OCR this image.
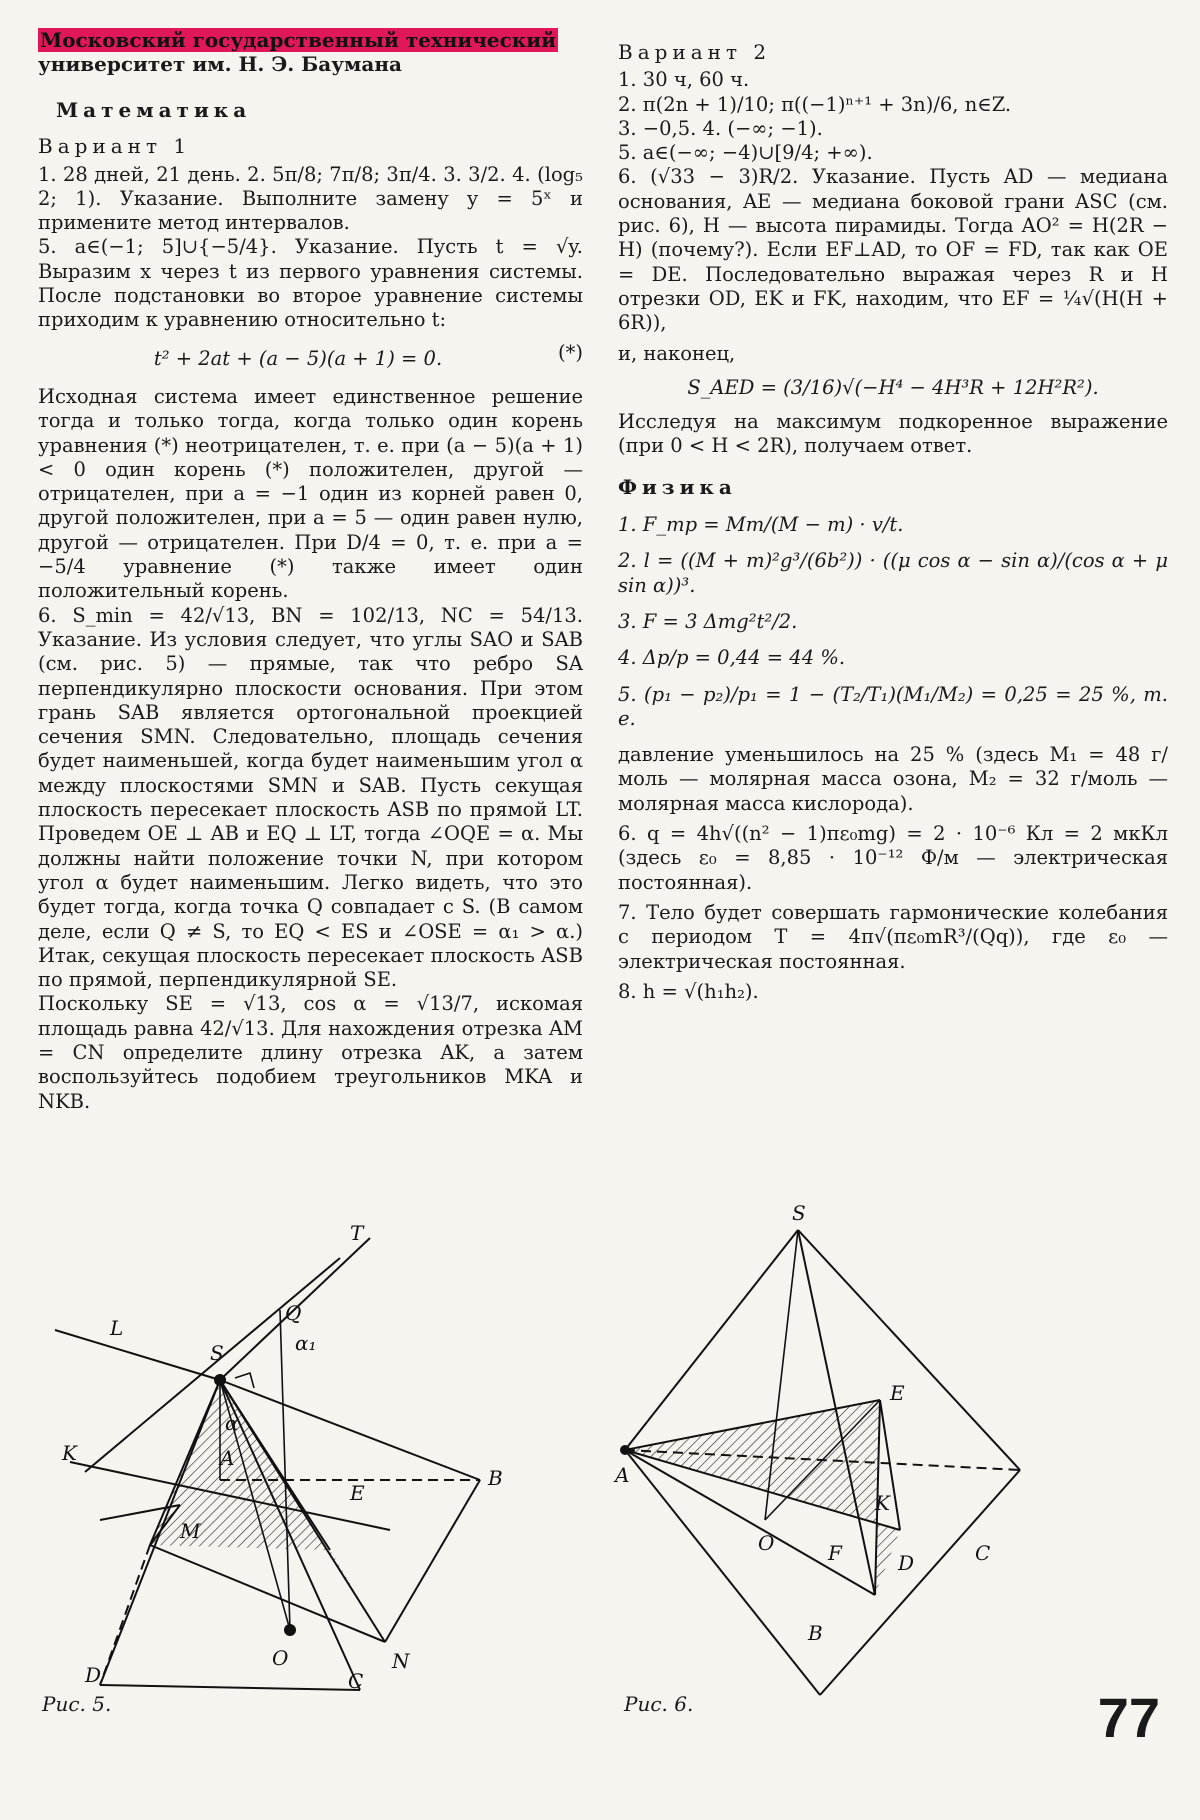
Московский государственный технический
университет им. Н. Э. Баумана
Математика
Вариант 1

1. 28 дней, 21 день. 2. 5π/8; 7π/8; 3π/4. 3. 3/2. 4. (log₅ 2; 1). Указание. Выполните замену y = 5ˣ и примените метод интервалов.

5. a∈(−1; 5]∪{−5/4}. Указание. Пусть t = √y. Выразим x через t из первого уравнения системы. После подстановки во второе уравнение системы приходим к уравнению относительно t:

t² + 2at + (a − 5)(a + 1) = 0.	(*)

Исходная система имеет единственное решение тогда и только тогда, когда только один корень уравнения (*) неотрицателен, т. е. при (a − 5)(a + 1) < 0 один корень (*) положителен, другой — отрицателен, при a = −1 один из корней равен 0, другой положителен, при a = 5 — один равен нулю, другой — отрицателен. При D/4 = 0, т. е. при a = −5/4 уравнение (*) также имеет один положительный корень.

6. S_min = 42/√13, BN = 102/13, NC = 54/13. Указание. Из условия следует, что углы SAO и SAB (см. рис. 5) — прямые, так что ребро SA перпендикулярно плоскости основания. При этом грань SAB является ортогональной проекцией сечения SMN. Следовательно, площадь сечения будет наименьшей, когда будет наименьшим угол α между плоскостями SMN и SAB. Пусть секущая плоскость пересекает плоскость ASB по прямой LT. Проведем OE ⊥ AB и EQ ⊥ LT, тогда ∠OQE = α. Мы должны найти положение точки N, при котором угол α будет наименьшим. Легко видеть, что это будет тогда, когда точка Q совпадает с S. (В самом деле, если Q ≠ S, то EQ < ES и ∠OSE = α₁ > α.) Итак, секущая плоскость пересекает плоскость ASB по прямой, перпендикулярной SE.

Поскольку SE = √13, cos α = √13/7, искомая площадь равна 42/√13. Для нахождения отрезка AM = CN определите длину отрезка AK, а затем воспользуйтесь подобием треугольников MKA и NKB.

Вариант 2

1. 30 ч, 60 ч.

2. π(2n + 1)/10; π((−1)ⁿ⁺¹ + 3n)/6, n∈Z.

3. −0,5. 4. (−∞; −1).

5. a∈(−∞; −4)∪[9/4; +∞).

6. (√33 − 3)R/2. Указание. Пусть AD — медиана основания, AE — медиана боковой грани ASC (см. рис. 6), H — высота пирамиды. Тогда AO² = H(2R − H) (почему?). Если EF⊥AD, то OF = FD, так как OE = DE. Последовательно выражая через R и H отрезки OD, EK и FK, находим, что EF = ¼√(H(H + 6R)),

и, наконец,

S_AED = (3/16)√(−H⁴ − 4H³R + 12H²R²).

Исследуя на максимум подкоренное выражение (при 0 < H < 2R), получаем ответ.

Физика

1. F_тр = Mm/(M − m) · v/t.

2. l = ((M + m)²g³/(6b²)) · ((μ cos α − sin α)/(cos α + μ sin α))³.

3. F = 3 Δmg²t²/2.

4. Δp/p = 0,44 = 44 %.

5. (p₁ − p₂)/p₁ = 1 − (T₂/T₁)(M₁/M₂) = 0,25 = 25 %, т. е.

давление уменьшилось на 25 % (здесь M₁ = 48 г/моль — молярная масса озона, M₂ = 32 г/моль — молярная масса кислорода).

6. q = 4h√((n² − 1)πε₀mg) = 2 · 10⁻⁶ Кл = 2 мкКл (здесь ε₀ = 8,85 · 10⁻¹² Ф/м — электрическая постоянная).

7. Тело будет совершать гармонические колебания с периодом T = 4π√(πε₀mR³/(Qq)), где ε₀ — электрическая постоянная.

8. h = √(h₁h₂).

T
S
Q
α₁
L
α
K	A
E
B
M
O	N
D	C
Рис. 5.
S
E
C
A
K
O	F	D
B
Рис. 6.	77
